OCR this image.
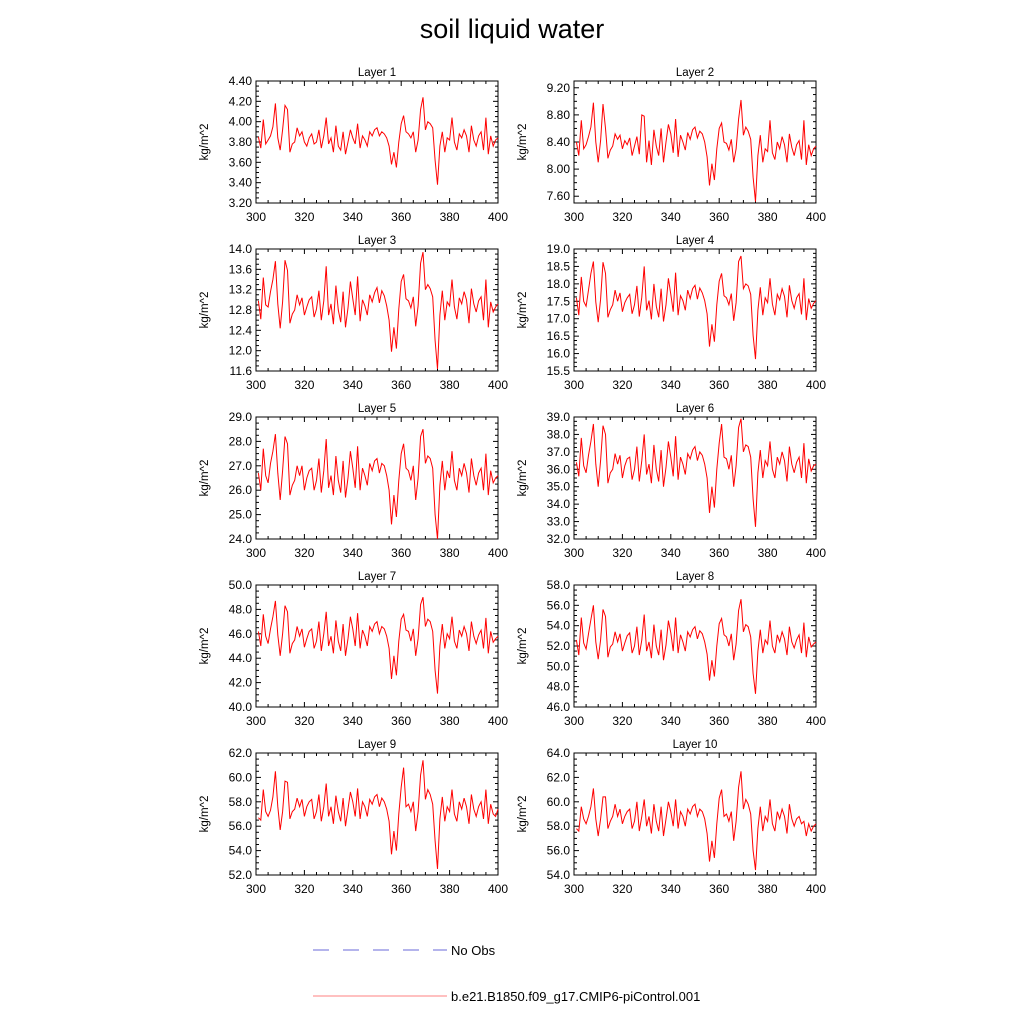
soil liquid water
Layer 1
kg/m^2
300 320 340 360 380 400
3.20
3.40
3.60
3.80
4.00
4.20
4.40
Layer 2
kg/m^2
300 320 340 360 380 400
7.60
8.00
8.40
8.80
9.20
Layer 3
kg/m^2
300 320 340 360 380 400
11.6
12.0
12.4
12.8
13.2
13.6
14.0
Layer 4
kg/m^2
300 320 340 360 380 400
15.5
16.0
16.5
17.0
17.5
18.0
18.5
19.0
Layer 5
kg/m^2
300 320 340 360 380 400
24.0
25.0
26.0
27.0
28.0
29.0
Layer 6
kg/m^2
300 320 340 360 380 400
32.0
33.0
34.0
35.0
36.0
37.0
38.0
39.0
Layer 7
kg/m^2
300 320 340 360 380 400
40.0
42.0
44.0
46.0
48.0
50.0
Layer 8
kg/m^2
300 320 340 360 380 400
46.0
48.0
50.0
52.0
54.0
56.0
58.0
Layer 9
kg/m^2
300 320 340 360 380 400
52.0
54.0
56.0
58.0
60.0
62.0
Layer 10
kg/m^2
300 320 340 360 380 400
54.0
56.0
58.0
60.0
62.0
64.0
No Obs
b.e21.B1850.f09_g17.CMIP6-piControl.001
